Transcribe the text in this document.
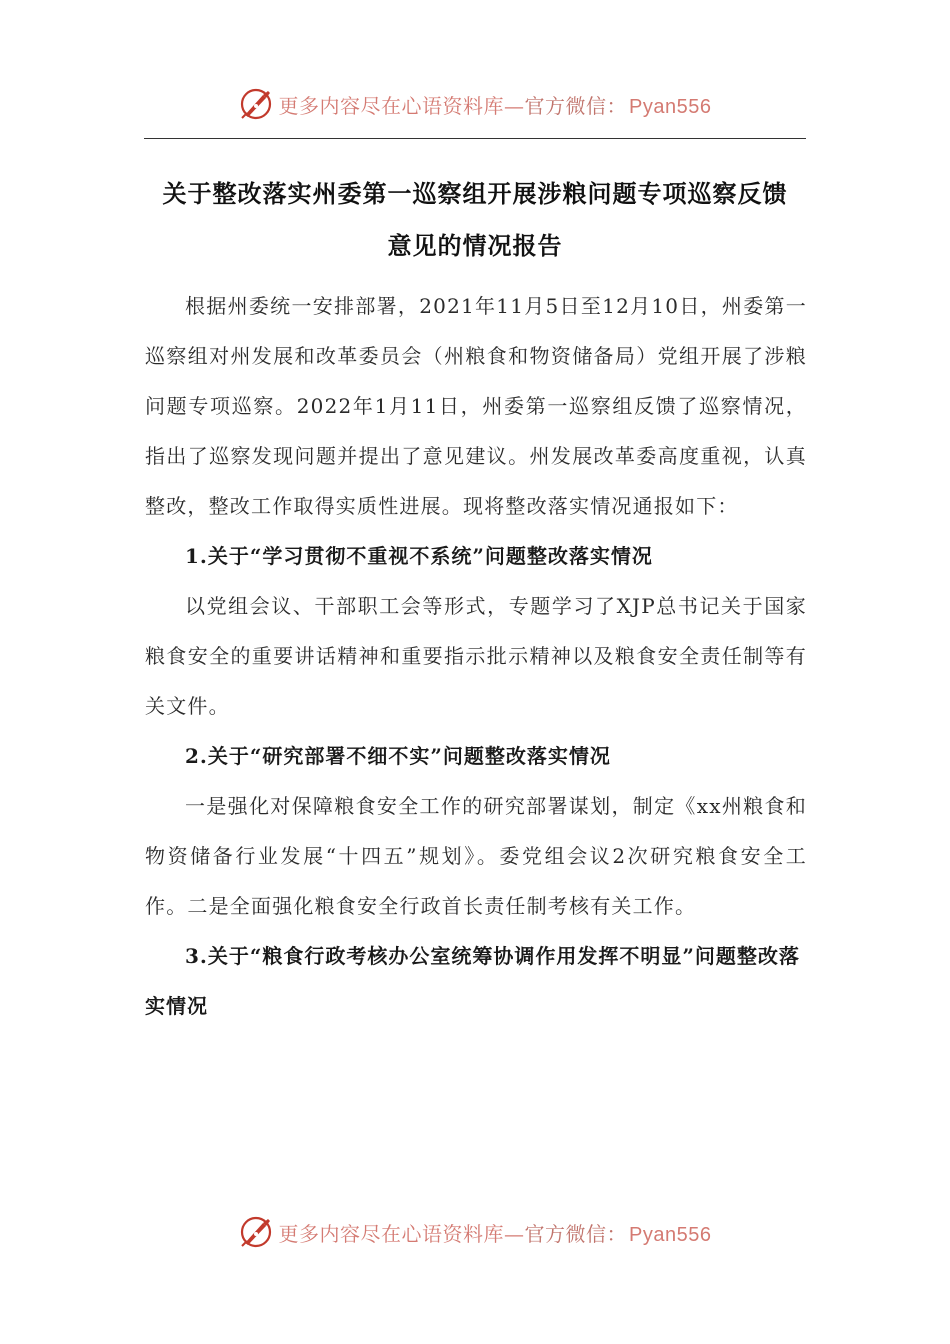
更多内容尽在心语资料库—官方微信： Pyan556
关于整改落实州委第一巡察组开展涉粮问题专项巡察反馈
意见的情况报告

根据州委统一安排部署，2021年11月5日至12月10日，州委第一巡察组对州发展和改革委员会（州粮食和物资储备局）党组开展了涉粮问题专项巡察。2022年1月11日，州委第一巡察组反馈了巡察情况，指出了巡察发现问题并提出了意见建议。州发展改革委高度重视，认真整改，整改工作取得实质性进展。现将整改落实情况通报如下：

1.关于“学习贯彻不重视不系统”问题整改落实情况

以党组会议、干部职工会等形式，专题学习了XJP总书记关于国家粮食安全的重要讲话精神和重要指示批示精神以及粮食安全责任制等有关文件。

2.关于“研究部署不细不实”问题整改落实情况

一是强化对保障粮食安全工作的研究部署谋划，制定《xx州粮食和物资储备行业发展“十四五”规划》。委党组会议2次研究粮食安全工作。二是全面强化粮食安全行政首长责任制考核有关工作。

3.关于“粮食行政考核办公室统筹协调作用发挥不明显”问题整改落实情况

更多内容尽在心语资料库—官方微信： Pyan556
